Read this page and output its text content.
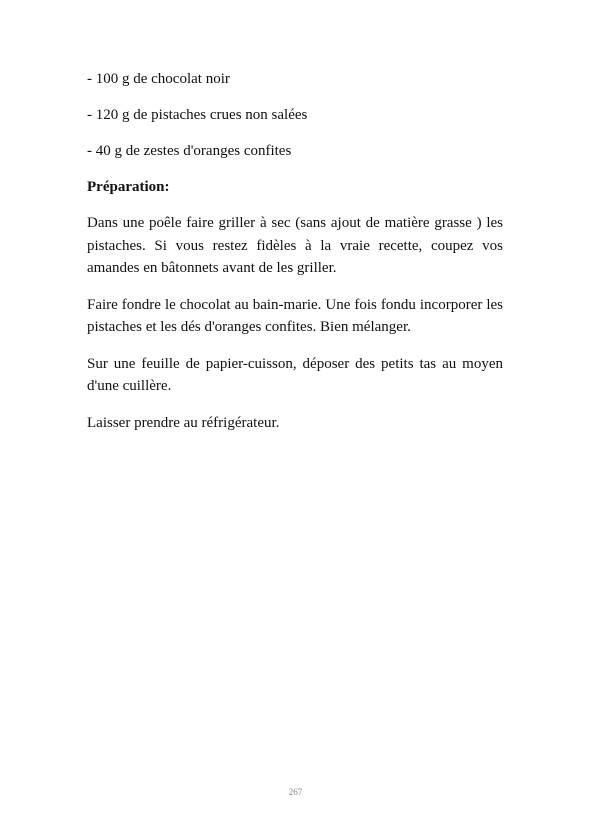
- 100 g de chocolat noir

- 120 g de pistaches crues non salées

- 40 g de zestes d'oranges confites

Préparation:

Dans une poêle faire griller à sec (sans ajout de matière grasse ) les pistaches. Si vous restez fidèles à la vraie recette, coupez vos amandes en bâtonnets avant de les griller.

Faire fondre le chocolat au bain-marie. Une fois fondu incorporer les pistaches et les dés d'oranges confites. Bien mélanger.

Sur une feuille de papier-cuisson, déposer des petits tas au moyen d'une cuillère.

Laisser prendre au réfrigérateur.

267
